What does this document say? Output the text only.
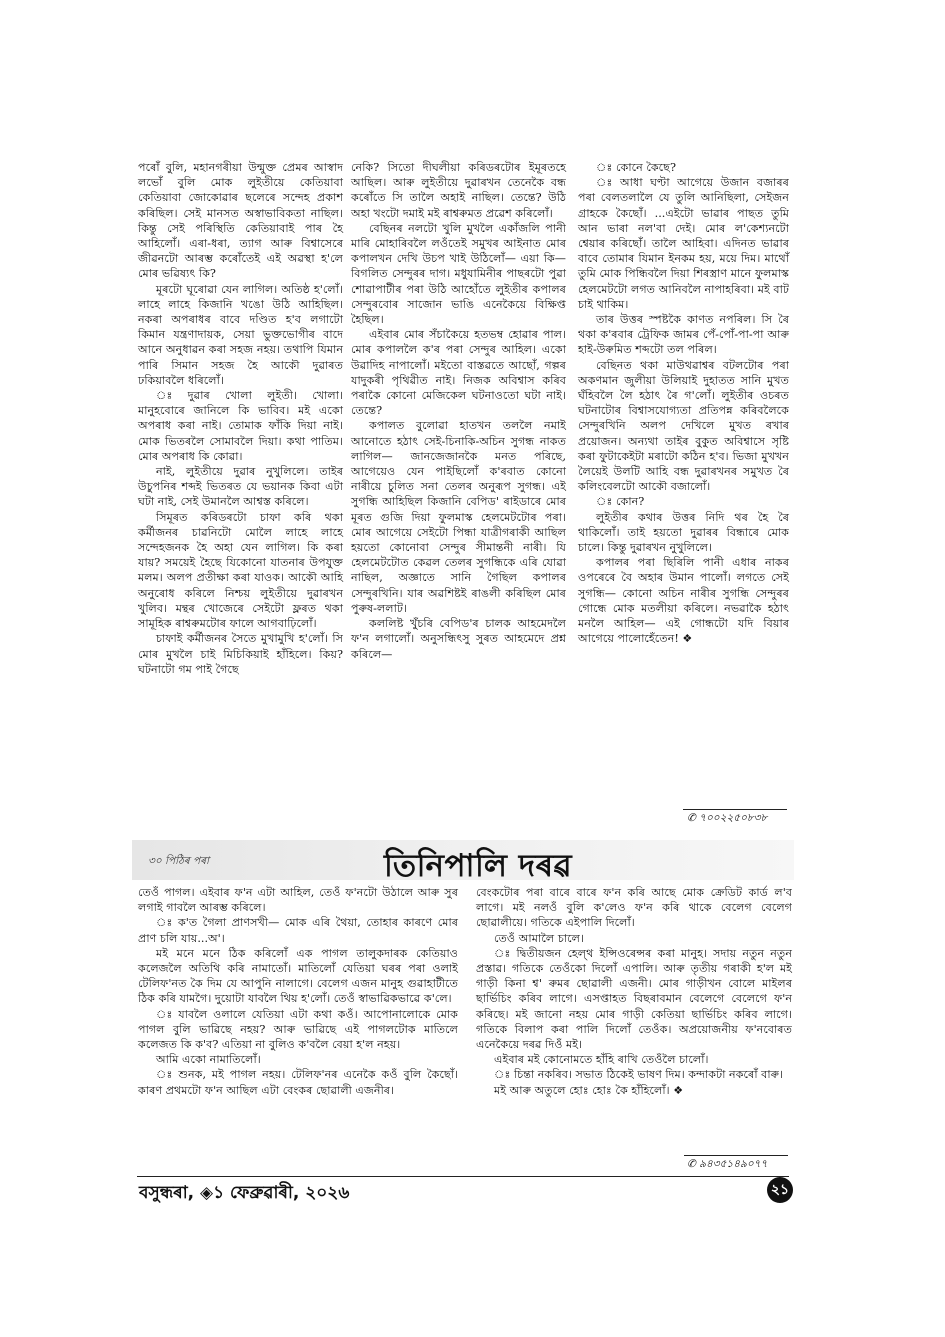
পৰোঁ বুলি, মহানগৰীয়া উন্মুক্ত প্ৰেমৰ আস্বাদ লভোঁ বুলি মোক লুইতীয়ে কেতিয়াবা কেতিয়াবা জোকোৱাৰ ছলেৰে সন্দেহ প্ৰকাশ কৰিছিল। সেই মানসত অস্বাভাবিকতা নাছিল। কিন্তু সেই পৰিস্থিতি কেতিয়াবাই পাৰ হৈ আহিলোঁ। এৰা-ধৰা, ত্যাগ আৰু বিশ্বাসেৰে জীৱনটো আৰম্ভ কৰোঁতেই এই অৱস্থা হ'লে মোৰ ভৱিষ্যৎ কি?

মূৰটো ঘূৰোৱা যেন লাগিল। অতিষ্ঠ হ'লোঁ। লাহে লাহে কিজানি খঙো উঠি আহিছিল। নকৰা অপৰাধৰ বাবে দণ্ডিত হ'ব লগাটো কিমান যন্ত্ৰণাদায়ক, সেয়া ভুক্তভোগীৰ বাদে আনে অনুধাৱন কৰা সহজ নহয়। তথাপি যিমান পাৰি সিমান সহজ হৈ আকৌ দুৱাৰত ঢকিয়াবলৈ ধৰিলোঁ।

ঃ দুৱাৰ খোলা লুইতী। খোলা। মানুহবোৰে জানিলে কি ভাবিব। মই একো অপৰাধ কৰা নাই। তোমাক ফাঁকি দিয়া নাই। মোক ভিতৰলৈ সোমাবলৈ দিয়া। কথা পাতিম। মোৰ অপৰাধ কি কোৱা।

নাই, লুইতীয়ে দুৱাৰ নুখুলিলে। তাইৰ উচুপনিৰ শব্দই ভিতৰত যে ভয়ানক কিবা এটা ঘটা নাই, সেই উমানলৈ আশ্বস্ত কৰিলে।

সিমূৰত কৰিডৰটো চাফা কৰি থকা কৰ্মীজনৰ চাৱনিটো মোলৈ লাহে লাহে সন্দেহজনক হৈ অহা যেন লাগিল। কি কৰা যায়? সময়েই হৈছে যিকোনো যাতনাৰ উপযুক্ত মলম। অলপ প্ৰতীক্ষা কৰা যাওক। আকৌ আহি অনুৰোধ কৰিলে নিশ্চয় লুইতীয়ে দুৱাৰখন খুলিব। মন্থৰ খোজেৰে সেইটো ফ্লৰত থকা সামূহিক ৰাশ্বৰুমটোৰ ফালে আগবাঢ়িলোঁ।

চাফাই কৰ্মীজনৰ সৈতে মুখামুখি হ'লোঁ। সি মোৰ মুখলৈ চাই মিচিকিয়াই হাঁহিলে। কিয়? ঘটনাটো গম পাই গৈছে

নেকি? সিতো দীঘলীয়া কৰিডৰটোৰ ইমূৰতহে আছিল। আৰু লুইতীয়ে দুৱাৰখন তেনেকৈ বন্ধ কৰোঁতে সি তালৈ অহাই নাছিল। তেন্তে? উঠি অহা খংটো দমাই মই ৰাশ্বৰুমত প্ৰৱেশ কৰিলোঁ।

বেছিনৰ নলটো খুলি মুখলৈ একাঁজলি পানী মাৰি মোহাৰিবলৈ লওঁতেই সমুখৰ আইনাত মোৰ কপালখন দেখি উচপ খাই উঠিলোঁ— এয়া কি— বিগলিত সেন্দুৰৰ দাগ। মধুযামিনীৰ পাছৰটো পুৱা শোৱাপাটীৰ পৰা উঠি আহোঁতে লুইতীৰ কপালৰ সেন্দুৰবোৰ সাজোন ভাঙি এনেকৈয়ে বিক্ষিপ্ত হৈছিল।

এইবাৰ মোৰ সঁচাকৈয়ে হতভম্ব হোৱাৰ পাল। মোৰ কপাললৈ ক'ৰ পৰা সেন্দুৰ আহিল। একো উৱাদিহ নাপালোঁ। মইতো বাস্তৱতে আছোঁ, গল্পৰ যাদুকৰী পৃথিৱীত নাই। নিজক অবিশ্বাস কৰিব পৰাকৈ কোনো মেজিকেল ঘটনাওতো ঘটা নাই। তেন্তে?

কপালত বুলোৱা হাতখন তললৈ নমাই আনোতে হঠাৎ সেই-চিনাকি-অচিন সুগন্ধ নাকত লাগিল— জানজেজানকৈ মনত পৰিছে, আগেয়েও যেন পাইছিলোঁ ক'ৰবাত কোনো নাৰীয়ে চুলিত সনা তেলৰ অনুৰূপ সুগন্ধ। এই সুগন্ধি আহিছিল কিজানি বেপিড' ৰাইডাৰে মোৰ মূৰত গুজি দিয়া ফুলমাস্ক হেলমেটটোৰ পৰা। মোৰ আগেয়ে সেইটো পিন্ধা যাত্ৰীগৰাকী আছিল হয়তো কোনোবা সেন্দুৰ সীমান্তনী নাৰী। যি হেলমেটটোত কেৱল তেলৰ সুগন্ধিকে এৰি যোৱা নাছিল, অজ্ঞাতে সানি গৈছিল কপালৰ সেন্দুৰখিনি। যাৰ অৱশিষ্টই ৰাঙলী কৰিছিল মোৰ পুৰুষ-ললাট।

কললিষ্ট খুঁচৰি বেপিড'ৰ চালক আহমেদলৈ ফ'ন লগালোঁ। অনুসন্ধিৎসু সুৰত আহমেদে প্ৰশ্ন কৰিলে—

ঃ কোনে কৈছে?

ঃ আধা ঘণ্টা আগেয়ে উজান বজাৰৰ পৰা বেলতলালৈ যে তুলি আনিছিলা, সেইজন গ্ৰাহকে কৈছোঁ। ...এইটো ভাৱাৰ পাছত তুমি আন ভাৰা নল'বা দেই। মোৰ ল'কেশ্যনটো শ্বেয়াৰ কৰিছোঁ। তালৈ আহিবা। এদিনত ভাৱাৰ বাবে তোমাৰ যিমান ইনকম হয়, ময়ে দিম। মাথোঁ তুমি মোক পিন্ধিবলৈ দিয়া শিৰস্ত্ৰাণ মানে ফুলমাস্ক হেলমেটটো লগত আনিবলৈ নাপাহৰিবা। মই বাট চাই থাকিম।

তাৰ উত্তৰ স্পষ্টকৈ কাণত নপৰিল। সি ৰৈ থকা ক'ৰবাৰ ট্ৰেফিক জামৰ পেঁ-পোঁ-পা-পা আৰু হাই-উৰুমিত শব্দটো তল পৰিল।

বেছিনত থকা মাউথৱাশ্বৰ বটলটোৰ পৰা অকণমান জুলীয়া উলিয়াই দুহাতত সানি মুখত ঘঁহিবলৈ লৈ হঠাৎ ৰৈ গ'লোঁ। লুইতীৰ ওচৰত ঘটনাটোৰ বিশ্বাসযোগ্যতা প্ৰতিপন্ন কৰিবলৈকে সেন্দুৰখিনি অলপ দেখিলে মুখত ৰখাৰ প্ৰয়োজন। অন্যথা তাইৰ বুকুত অবিশ্বাসে সৃষ্টি কৰা ফুটাকেইটা মৰাটো কঠিন হ'ব। ভিজা মুখখন লৈয়েই উলটি আহি বন্ধ দুৱাৰখনৰ সমুখত ৰৈ কলিংবেলটো আকৌ বজালোঁ।

ঃ কোন?

লুইতীৰ কথাৰ উত্তৰ নিদি থৰ হৈ ৰৈ থাকিলোঁ। তাই হয়তো দুৱাৰৰ বিন্ধাৰে মোক চালে। কিন্তু দুৱাৰখন নুখুলিলে।

কপালৰ পৰা ছিৰিলি পানী এধাৰ নাকৰ ওপৰেৰে বৈ অহাৰ উমান পালোঁ। লগতে সেই সুগন্ধি— কোনো অচিন নাৰীৰ সুগন্ধি সেন্দুৰৰ গোন্ধে মোক মতলীয়া কৰিলে। নভৱাকৈ হঠাৎ মনলৈ আহিল— এই গোন্ধটো যদি বিয়াৰ আগেয়ে পালোহেঁতেন! ❖

✆ ৭০০২২৫০৮৩৮
৩০ পিঠিৰ পৰা	তিনিপালি দৰৱ

তেওঁ পাগল। এইবাৰ ফ'ন এটা আহিল, তেওঁ ফ'নটো উঠালে আৰু সুৰ লগাই গাবলৈ আৰম্ভ কৰিলে।

ঃ ক'ত গৈলা প্ৰাণসখী— মোক এৰি থৈয়া, তোহাৰ কাৰণে মোৰ প্ৰাণ চলি যায়...অ'।

মই মনে মনে ঠিক কৰিলোঁ এক পাগল তালুকদাৰক কেতিয়াও কলেজলৈ অতিথি কৰি নামাতোঁ। মাতিলোঁ যেতিয়া ঘৰৰ পৰা ওলাই টেলিফ'নত কৈ দিম যে আপুনি নালাগে। বেলেগ এজন মানুহ গুৱাহাটীতে ঠিক কৰি যামগৈ। দুয়োটা যাবলৈ থিয় হ'লোঁ। তেওঁ স্বাভাৱিকভাৱে ক'লে।

ঃ যাবলৈ ওলালে যেতিয়া এটা কথা কওঁ। আপোনালোকে মোক পাগল বুলি ভাৱিছে নহয়? আৰু ভাৱিছে এই পাগলটোক মাতিলে কলেজত কি ক'ব? এতিয়া না বুলিও ক'বলৈ বেয়া হ'ল নহয়।

আমি একো নামাতিলোঁ।

ঃ শুনক, মই পাগল নহয়। টেলিফ'নৰ এনেকৈ কওঁ বুলি কৈছোঁ। কাৰণ প্ৰথমটো ফ'ন আছিল এটা বেংকৰ ছোৱালী এজনীৰ।

বেংকটোৰ পৰা বাৰে বাৰে ফ'ন কৰি আছে মোক ক্ৰেডিট কাৰ্ড ল'ব লাগে। মই নলওঁ বুলি ক'লেও ফ'ন কৰি থাকে বেলেগ বেলেগ ছোৱালীয়ে। গতিকে এইপালি দিলোঁ।

তেওঁ আমালৈ চালে।

ঃ দ্বিতীয়জন হেল্থ ইন্সিওৰেন্সৰ কৰা মানুহ। সদায় নতুন নতুন প্ৰস্তাৱ। গতিকে তেওঁকো দিলোঁ এপালি। আৰু তৃতীয় গৰাকী হ'ল মই গাড়ী কিনা শ্ব' ৰুমৰ ছোৱালী এজনী। মোৰ গাড়ীখন বোলে মাইলৰ ছাৰ্ভিচিং কৰিব লাগে। এসপ্তাহত বিছৰাবমান বেলেগে বেলেগে ফ'ন কৰিছে। মই জানো নহয় মোৰ গাড়ী কেতিয়া ছাৰ্ভিচিং কৰিব লাগে। গতিকে বিলাপ কৰা পালি দিলোঁ তেওঁক। অপ্ৰয়োজনীয় ফ'নবোৰত এনেকৈয়ে দৰৱ দিওঁ মই।

এইবাৰ মই কোনোমতে হাঁহি ৰাখি তেওঁলৈ চালোঁ।

ঃ চিন্তা নকৰিব। সভাত ঠিকেই ভাষণ দিম। কন্দাকটা নকৰোঁ বাৰু।

মই আৰু অতুলে হোঃ হোঃ কৈ হাঁহিলোঁ। ❖

✆ ৯৪৩৫১৪৯০৭৭
বসুন্ধৰা, ◈১ ফেব্ৰুৱাৰী, ২০২৬	২১
